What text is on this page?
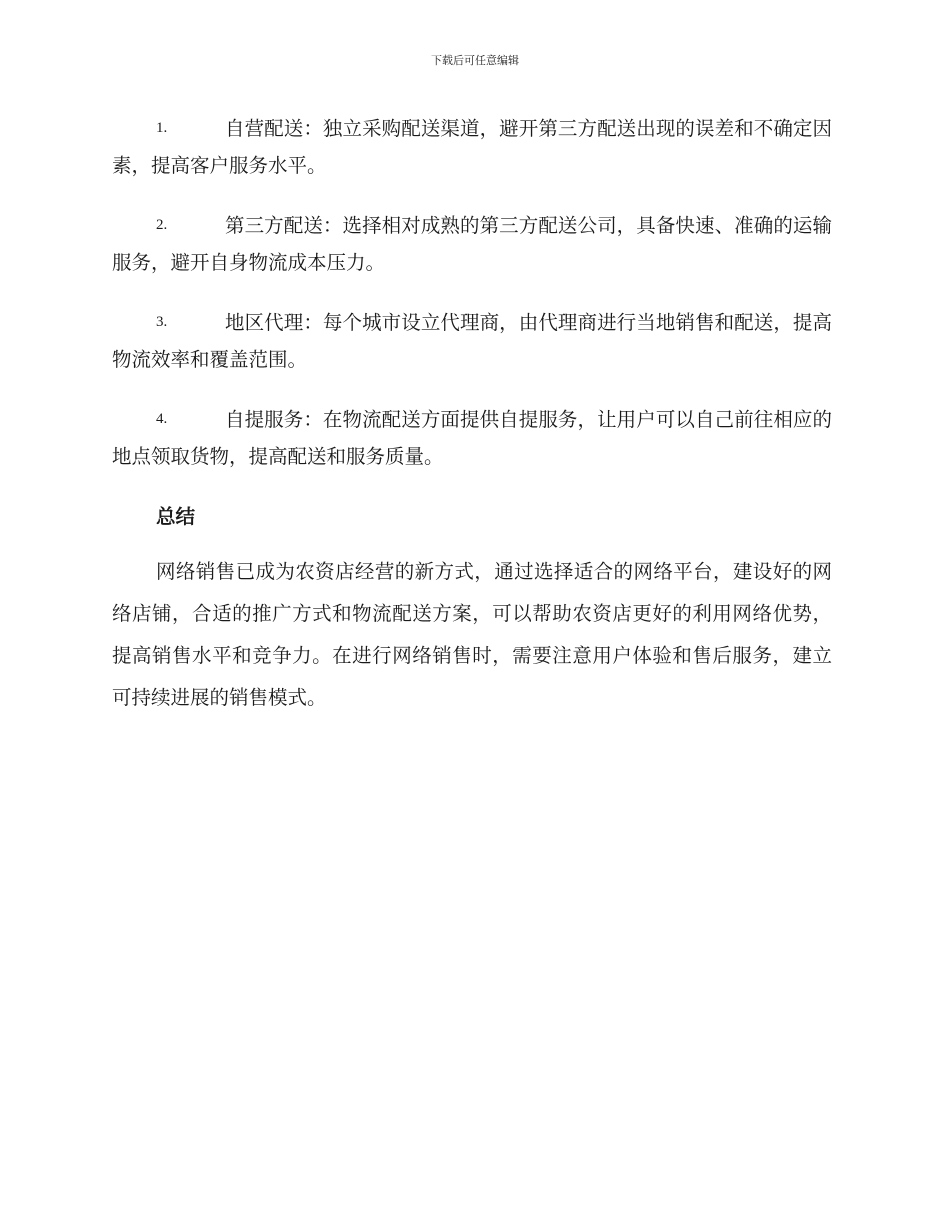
下载后可任意编辑
1.	自营配送：独立采购配送渠道，避开第三方配送出现的误差和不确定因素，提高客户服务水平。
2.	第三方配送：选择相对成熟的第三方配送公司，具备快速、准确的运输服务，避开自身物流成本压力。
3.	地区代理：每个城市设立代理商，由代理商进行当地销售和配送，提高物流效率和覆盖范围。
4.	自提服务：在物流配送方面提供自提服务，让用户可以自己前往相应的地点领取货物，提高配送和服务质量。
总结

网络销售已成为农资店经营的新方式，通过选择适合的网络平台，建设好的网络店铺，合适的推广方式和物流配送方案，可以帮助农资店更好的利用网络优势，提高销售水平和竞争力。在进行网络销售时，需要注意用户体验和售后服务，建立可持续进展的销售模式。
